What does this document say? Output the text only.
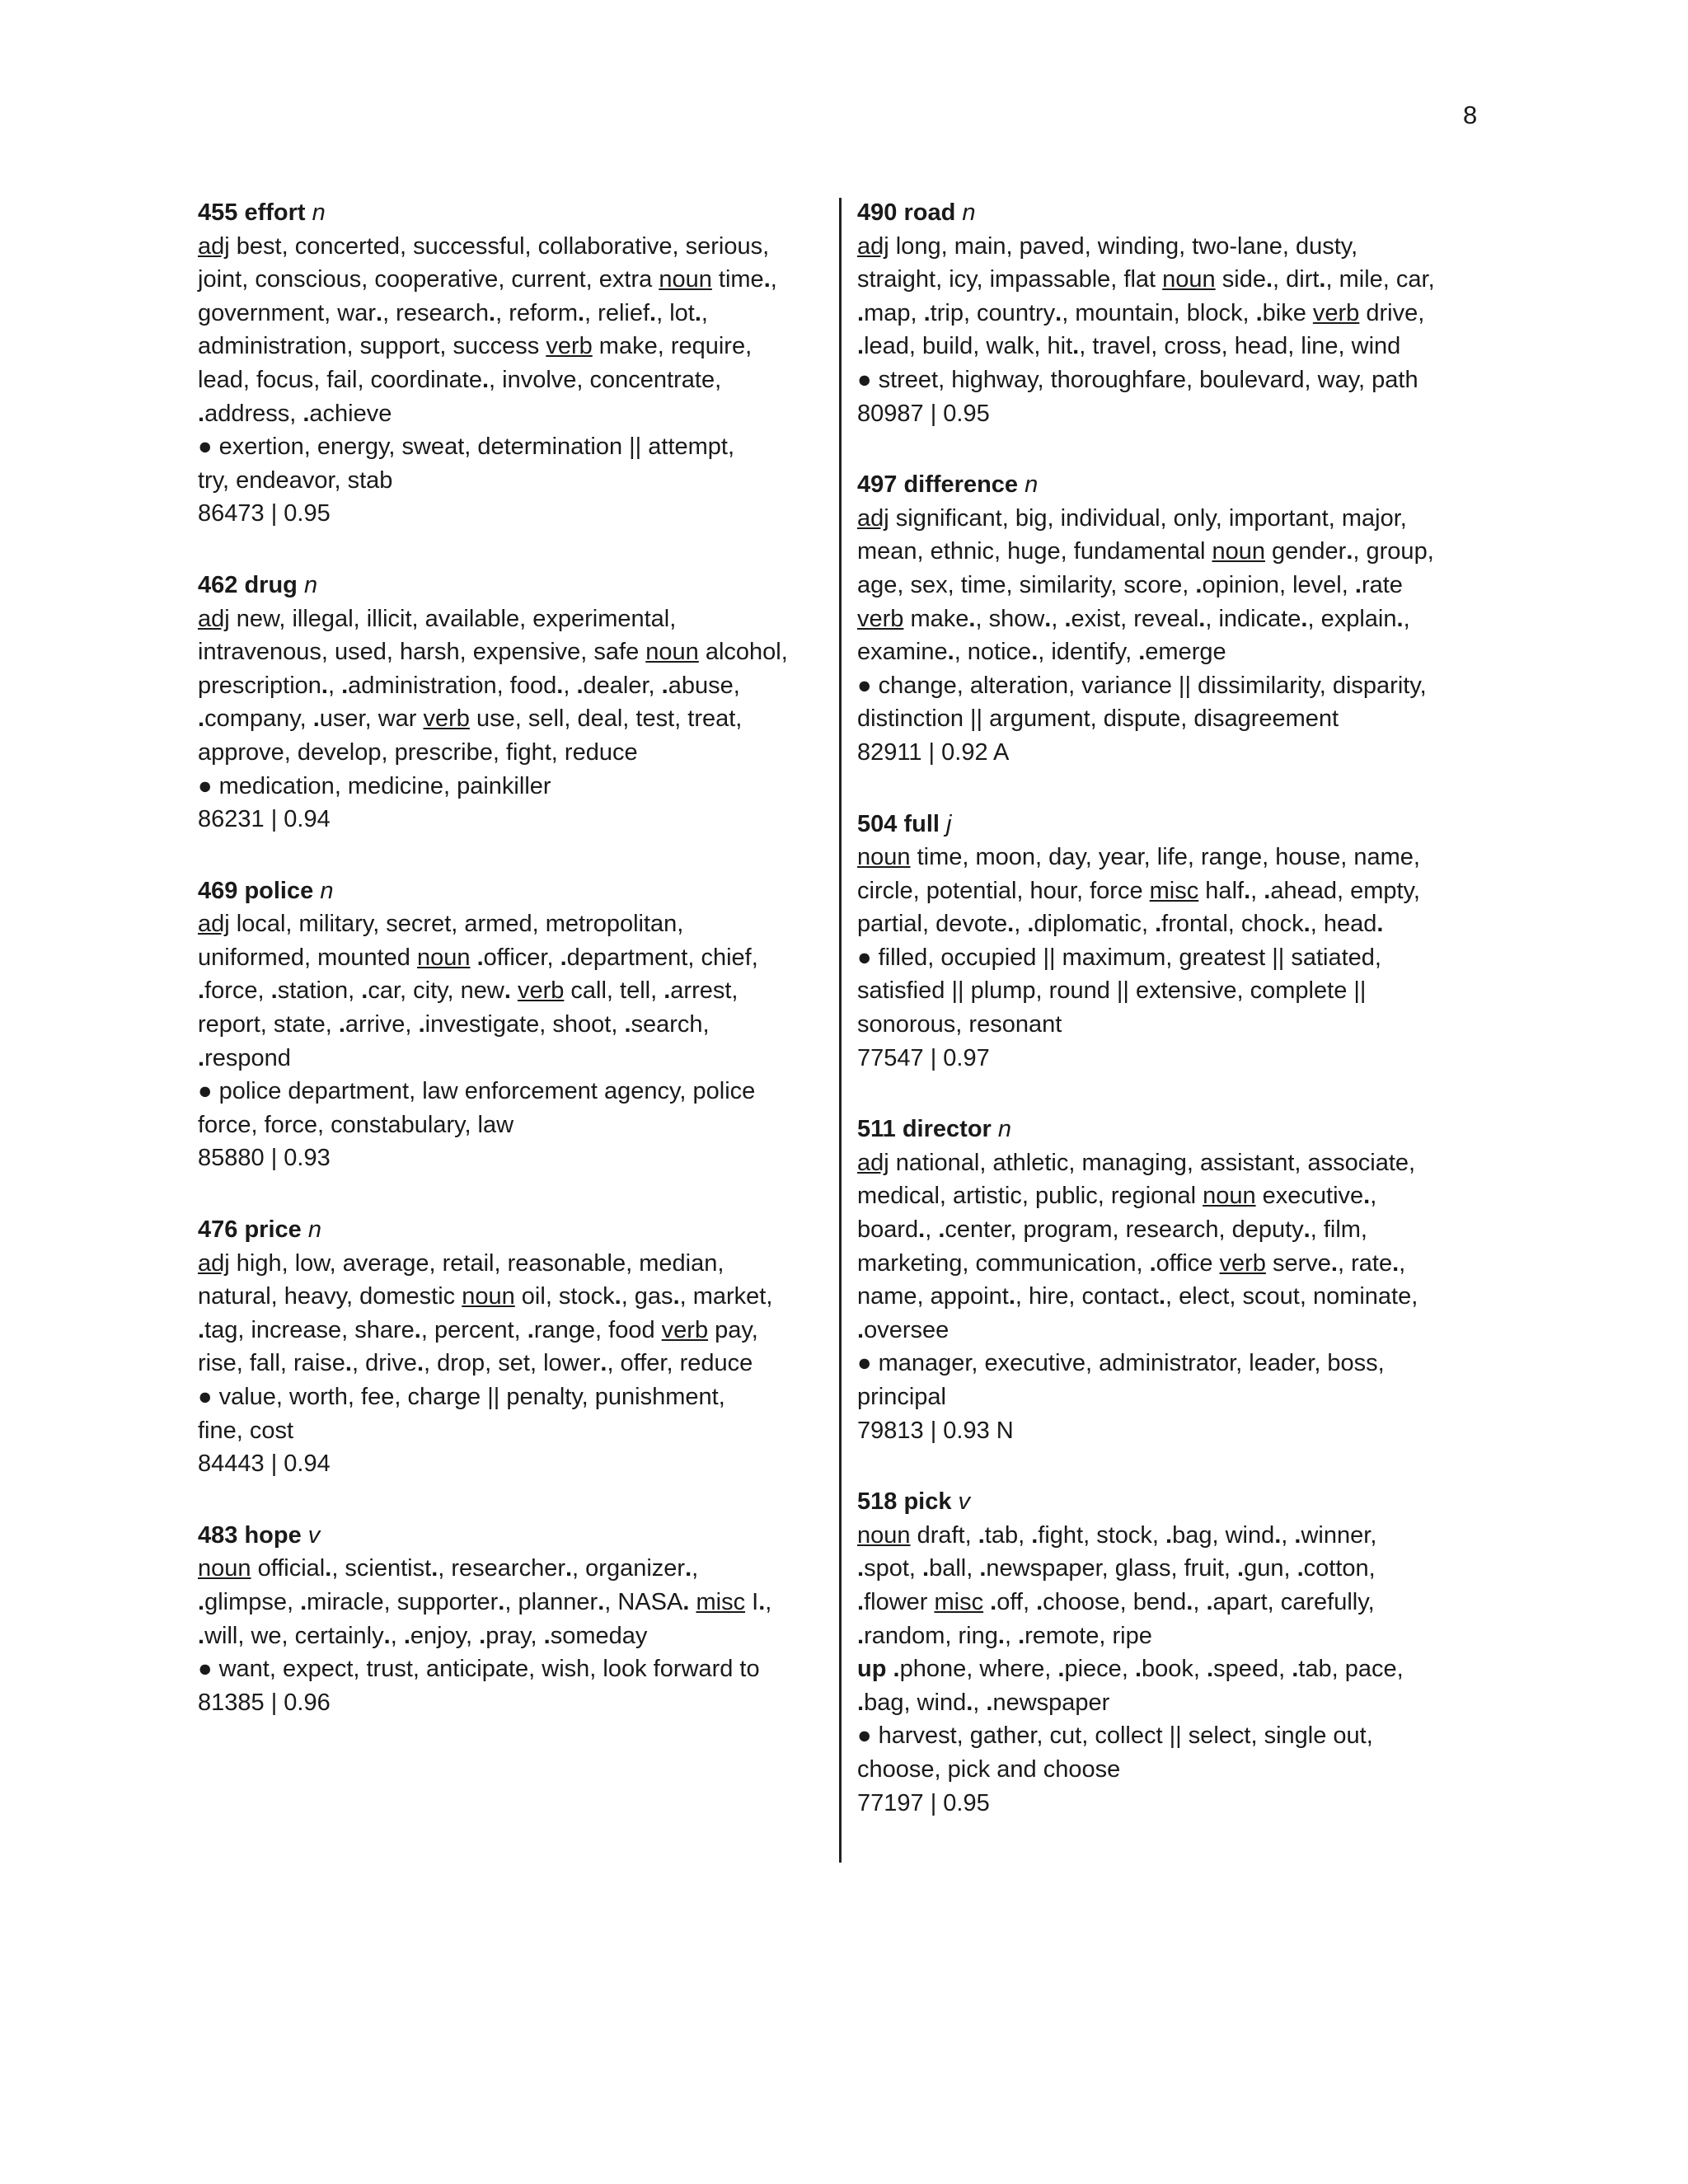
8
455 effort n
adj best, concerted, successful, collaborative, serious,
joint, conscious, cooperative, current, extra noun time.,
government, war., research., reform., relief., lot.,
administration, support, success verb make, require,
lead, focus, fail, coordinate., involve, concentrate,
.address, .achieve
● exertion, energy, sweat, determination || attempt,
try, endeavor, stab
86473 | 0.95
462 drug n
adj new, illegal, illicit, available, experimental,
intravenous, used, harsh, expensive, safe noun alcohol,
prescription., .administration, food., .dealer, .abuse,
.company, .user, war verb use, sell, deal, test, treat,
approve, develop, prescribe, fight, reduce
● medication, medicine, painkiller
86231 | 0.94
469 police n
adj local, military, secret, armed, metropolitan,
uniformed, mounted noun .officer, .department, chief,
.force, .station, .car, city, new. verb call, tell, .arrest,
report, state, .arrive, .investigate, shoot, .search,
.respond
● police department, law enforcement agency, police
force, force, constabulary, law
85880 | 0.93
476 price n
adj high, low, average, retail, reasonable, median,
natural, heavy, domestic noun oil, stock., gas., market,
.tag, increase, share., percent, .range, food verb pay,
rise, fall, raise., drive., drop, set, lower., offer, reduce
● value, worth, fee, charge || penalty, punishment,
fine, cost
84443 | 0.94
483 hope v
noun official., scientist., researcher., organizer.,
.glimpse, .miracle, supporter., planner., NASA. misc I.,
.will, we, certainly., .enjoy, .pray, .someday
● want, expect, trust, anticipate, wish, look forward to
81385 | 0.96
490 road n
adj long, main, paved, winding, two-lane, dusty,
straight, icy, impassable, flat noun side., dirt., mile, car,
.map, .trip, country., mountain, block, .bike verb drive,
.lead, build, walk, hit., travel, cross, head, line, wind
● street, highway, thoroughfare, boulevard, way, path
80987 | 0.95
497 difference n
adj significant, big, individual, only, important, major,
mean, ethnic, huge, fundamental noun gender., group,
age, sex, time, similarity, score, .opinion, level, .rate
verb make., show., .exist, reveal., indicate., explain.,
examine., notice., identify, .emerge
● change, alteration, variance || dissimilarity, disparity,
distinction || argument, dispute, disagreement
82911 | 0.92 A
504 full j
noun time, moon, day, year, life, range, house, name,
circle, potential, hour, force misc half., .ahead, empty,
partial, devote., .diplomatic, .frontal, chock., head.
● filled, occupied || maximum, greatest || satiated,
satisfied || plump, round || extensive, complete ||
sonorous, resonant
77547 | 0.97
511 director n
adj national, athletic, managing, assistant, associate,
medical, artistic, public, regional noun executive.,
board., .center, program, research, deputy., film,
marketing, communication, .office verb serve., rate.,
name, appoint., hire, contact., elect, scout, nominate,
.oversee
● manager, executive, administrator, leader, boss,
principal
79813 | 0.93 N
518 pick v
noun draft, .tab, .fight, stock, .bag, wind., .winner,
.spot, .ball, .newspaper, glass, fruit, .gun, .cotton,
.flower misc .off, .choose, bend., .apart, carefully,
.random, ring., .remote, ripe
up .phone, where, .piece, .book, .speed, .tab, pace,
.bag, wind., .newspaper
● harvest, gather, cut, collect || select, single out,
choose, pick and choose
77197 | 0.95
